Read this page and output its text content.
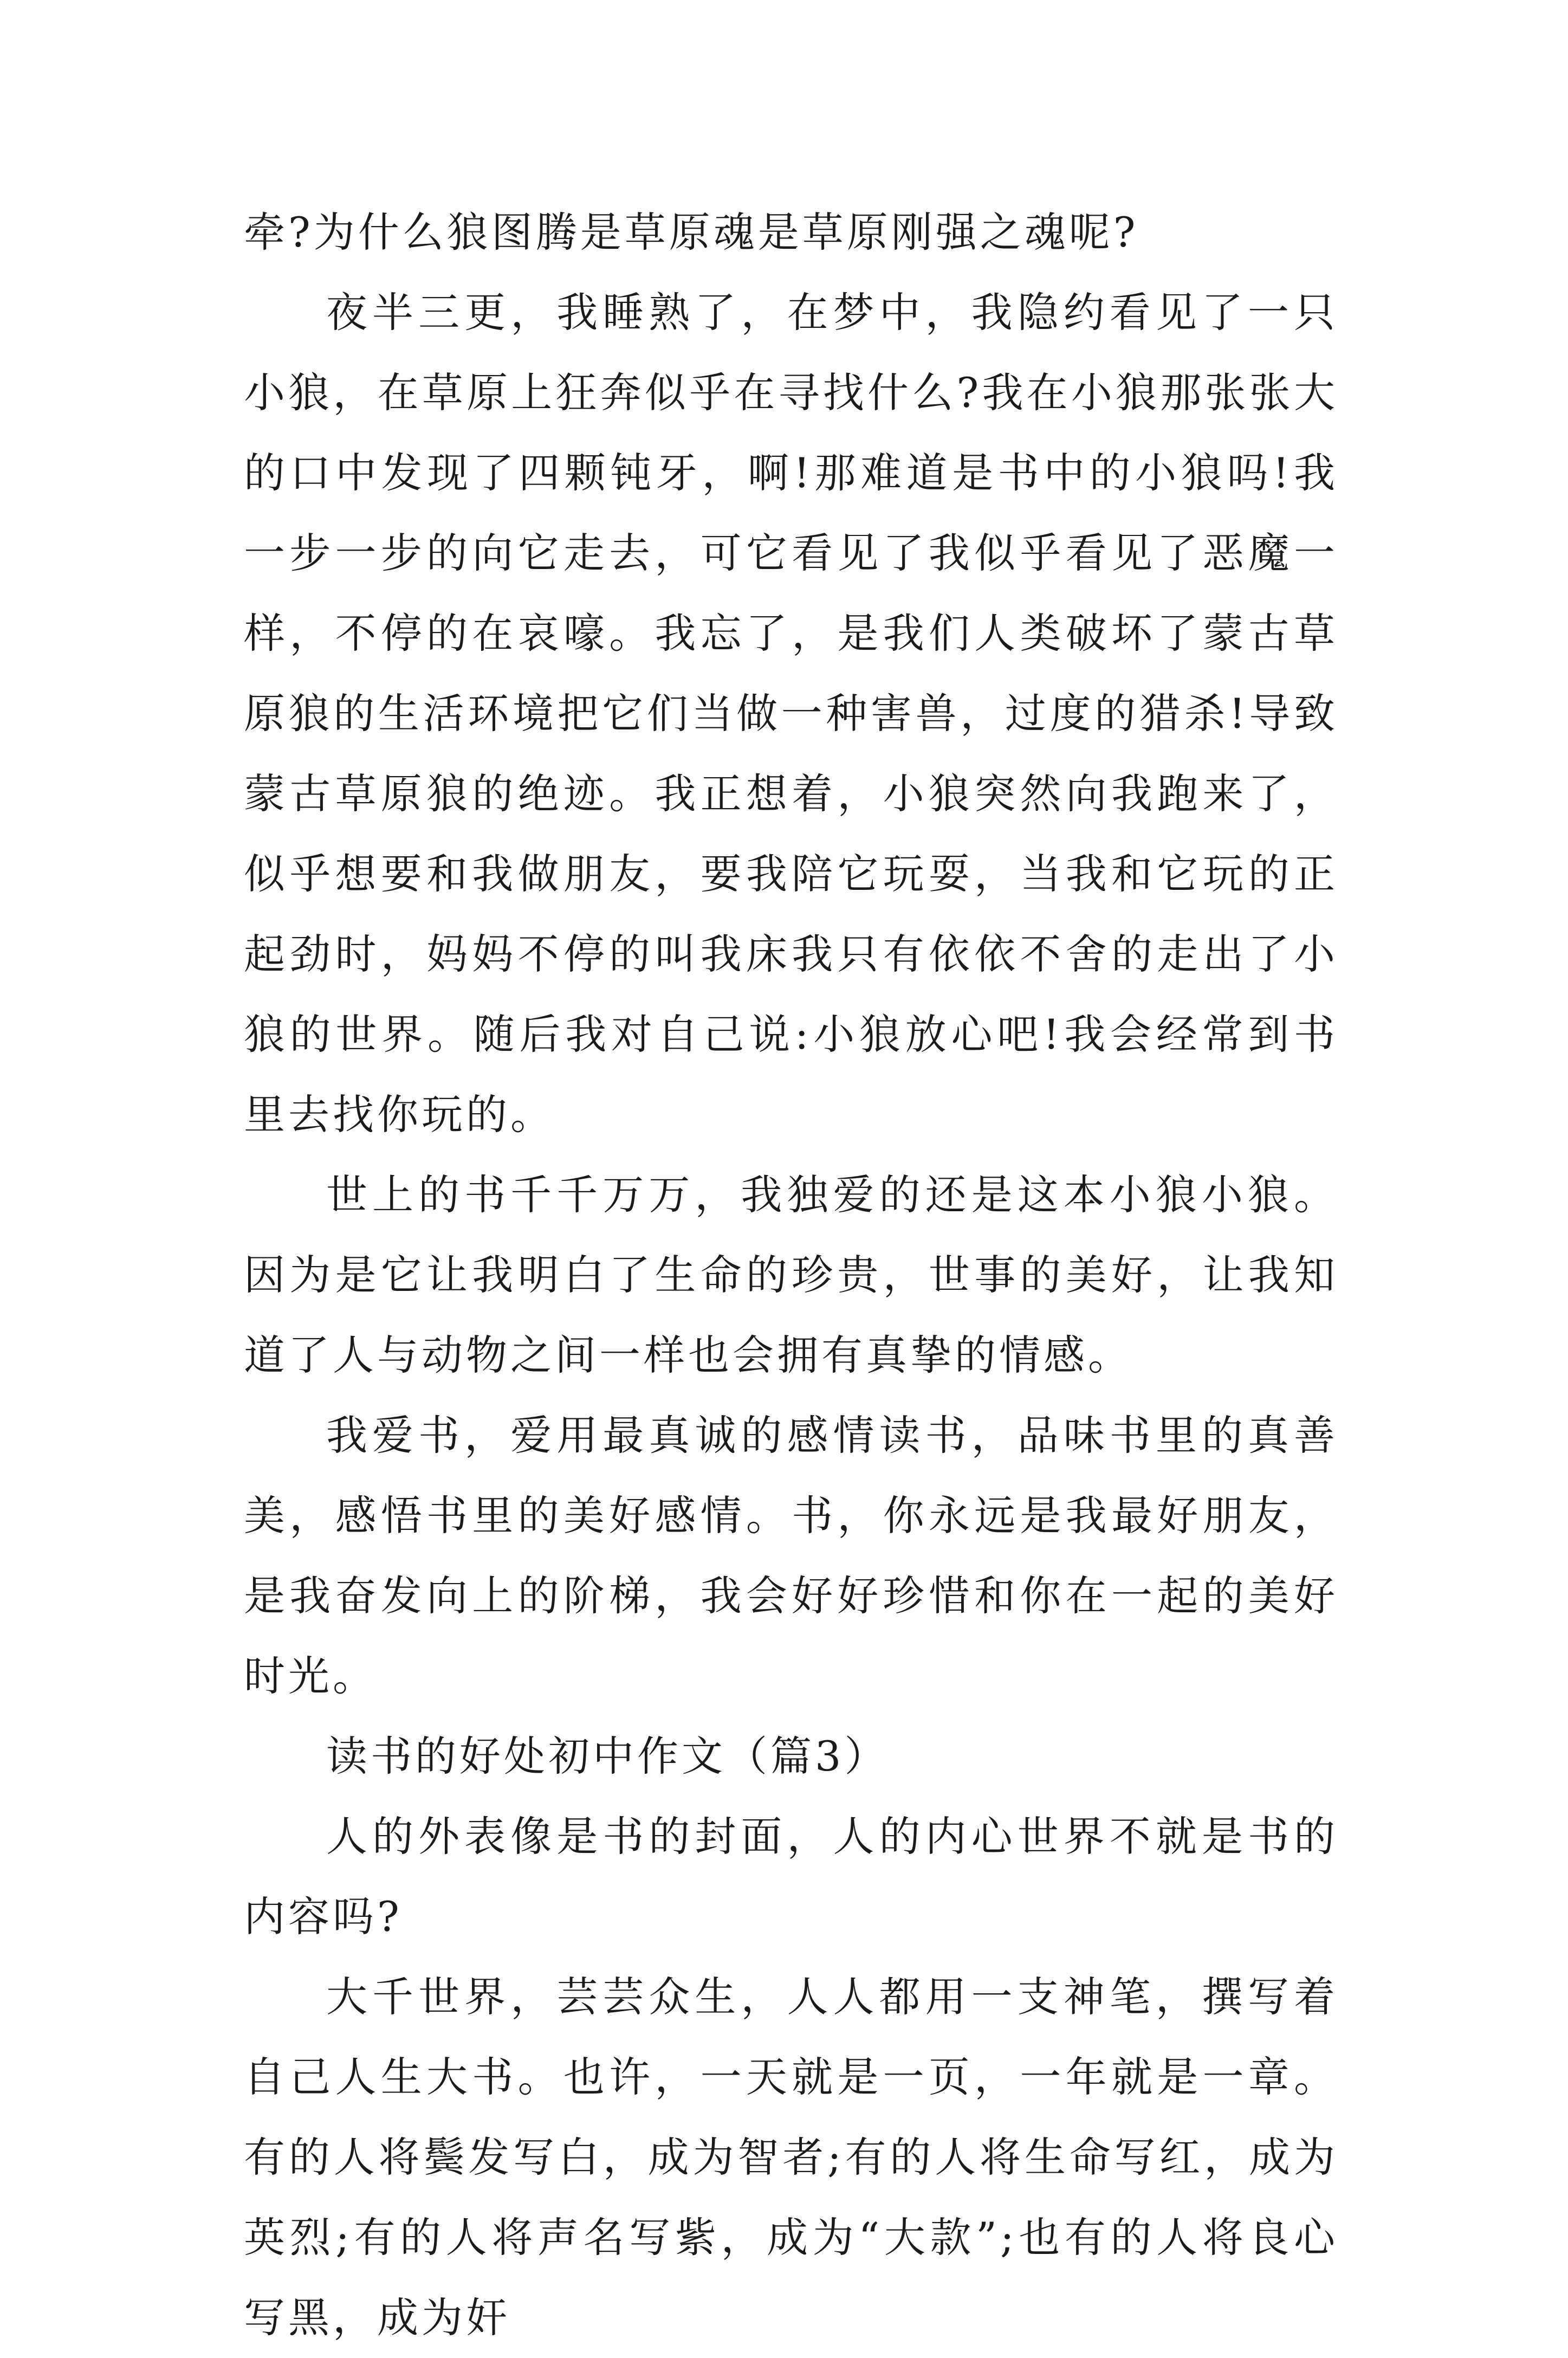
牵?为什么狼图腾是草原魂是草原刚强之魂呢?

夜半三更，我睡熟了，在梦中，我隐约看见了一只小狼，在草原上狂奔似乎在寻找什么?我在小狼那张张大的口中发现了四颗钝牙，啊!那难道是书中的小狼吗!我一步一步的向它走去，可它看见了我似乎看见了恶魔一样，不停的在哀嚎。我忘了，是我们人类破坏了蒙古草原狼的生活环境把它们当做一种害兽，过度的猎杀!导致蒙古草原狼的绝迹。我正想着，小狼突然向我跑来了，似乎想要和我做朋友，要我陪它玩耍，当我和它玩的正起劲时，妈妈不停的叫我床我只有依依不舍的走出了小狼的世界。随后我对自己说:小狼放心吧!我会经常到书里去找你玩的。

世上的书千千万万，我独爱的还是这本小狼小狼。因为是它让我明白了生命的珍贵，世事的美好，让我知道了人与动物之间一样也会拥有真挚的情感。

我爱书，爱用最真诚的感情读书，品味书里的真善美，感悟书里的美好感情。书，你永远是我最好朋友，是我奋发向上的阶梯，我会好好珍惜和你在一起的美好时光。

读书的好处初中作文（篇3）

人的外表像是书的封面，人的内心世界不就是书的内容吗?

大千世界，芸芸众生，人人都用一支神笔，撰写着自己人生大书。也许，一天就是一页，一年就是一章。有的人将鬓发写白，成为智者;有的人将生命写红，成为英烈;有的人将声名写紫，成为“大款”;也有的人将良心写黑，成为奸
